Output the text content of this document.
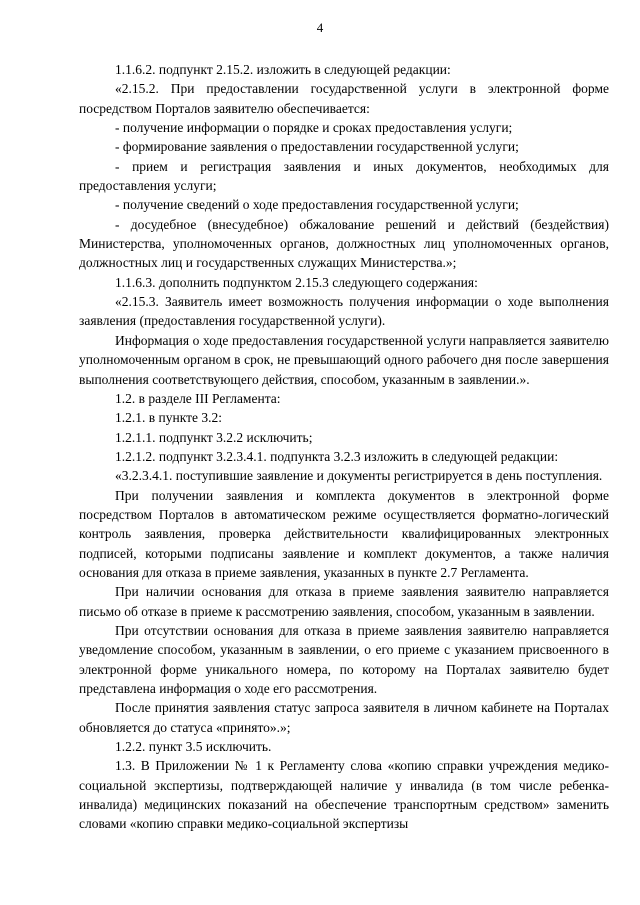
4

1.1.6.2. подпункт 2.15.2. изложить в следующей редакции:

«2.15.2. При предоставлении государственной услуги в электронной форме посредством Порталов заявителю обеспечивается:

- получение информации о порядке и сроках предоставления услуги;

- формирование заявления о предоставлении государственной услуги;

- прием и регистрация заявления и иных документов, необходимых для предоставления услуги;

- получение сведений о ходе предоставления государственной услуги;

- досудебное (внесудебное) обжалование решений и действий (бездействия) Министерства, уполномоченных органов, должностных лиц уполномоченных органов, должностных лиц и государственных служащих Министерства.»;

1.1.6.3. дополнить подпунктом 2.15.3 следующего содержания:

«2.15.3. Заявитель имеет возможность получения информации о ходе выполнения заявления (предоставления государственной услуги).

Информация о ходе предоставления государственной услуги направляется заявителю уполномоченным органом в срок, не превышающий одного рабочего дня после завершения выполнения соответствующего действия, способом, указанным в заявлении.».

1.2. в разделе III Регламента:

1.2.1. в пункте 3.2:

1.2.1.1. подпункт 3.2.2 исключить;

1.2.1.2. подпункт 3.2.3.4.1. подпункта 3.2.3 изложить в следующей редакции:

«3.2.3.4.1. поступившие заявление и документы регистрируется в день поступления.

При получении заявления и комплекта документов в электронной форме посредством Порталов в автоматическом режиме осуществляется форматно-логический контроль заявления, проверка действительности квалифицированных электронных подписей, которыми подписаны заявление и комплект документов, а также наличия основания для отказа в приеме заявления, указанных в пункте 2.7 Регламента.

При наличии основания для отказа в приеме заявления заявителю направляется письмо об отказе в приеме к рассмотрению заявления, способом, указанным в заявлении.

При отсутствии основания для отказа в приеме заявления заявителю направляется уведомление способом, указанным в заявлении, о его приеме с указанием присвоенного в электронной форме уникального номера, по которому на Порталах заявителю будет представлена информация о ходе его рассмотрения.

После принятия заявления статус запроса заявителя в личном кабинете на Порталах обновляется до статуса «принято».»;

1.2.2. пункт 3.5 исключить.

1.3. В Приложении № 1 к Регламенту слова «копию справки учреждения медико-социальной экспертизы, подтверждающей наличие у инвалида (в том числе ребенка-инвалида) медицинских показаний на обеспечение транспортным средством» заменить словами «копию справки медико-социальной экспертизы
